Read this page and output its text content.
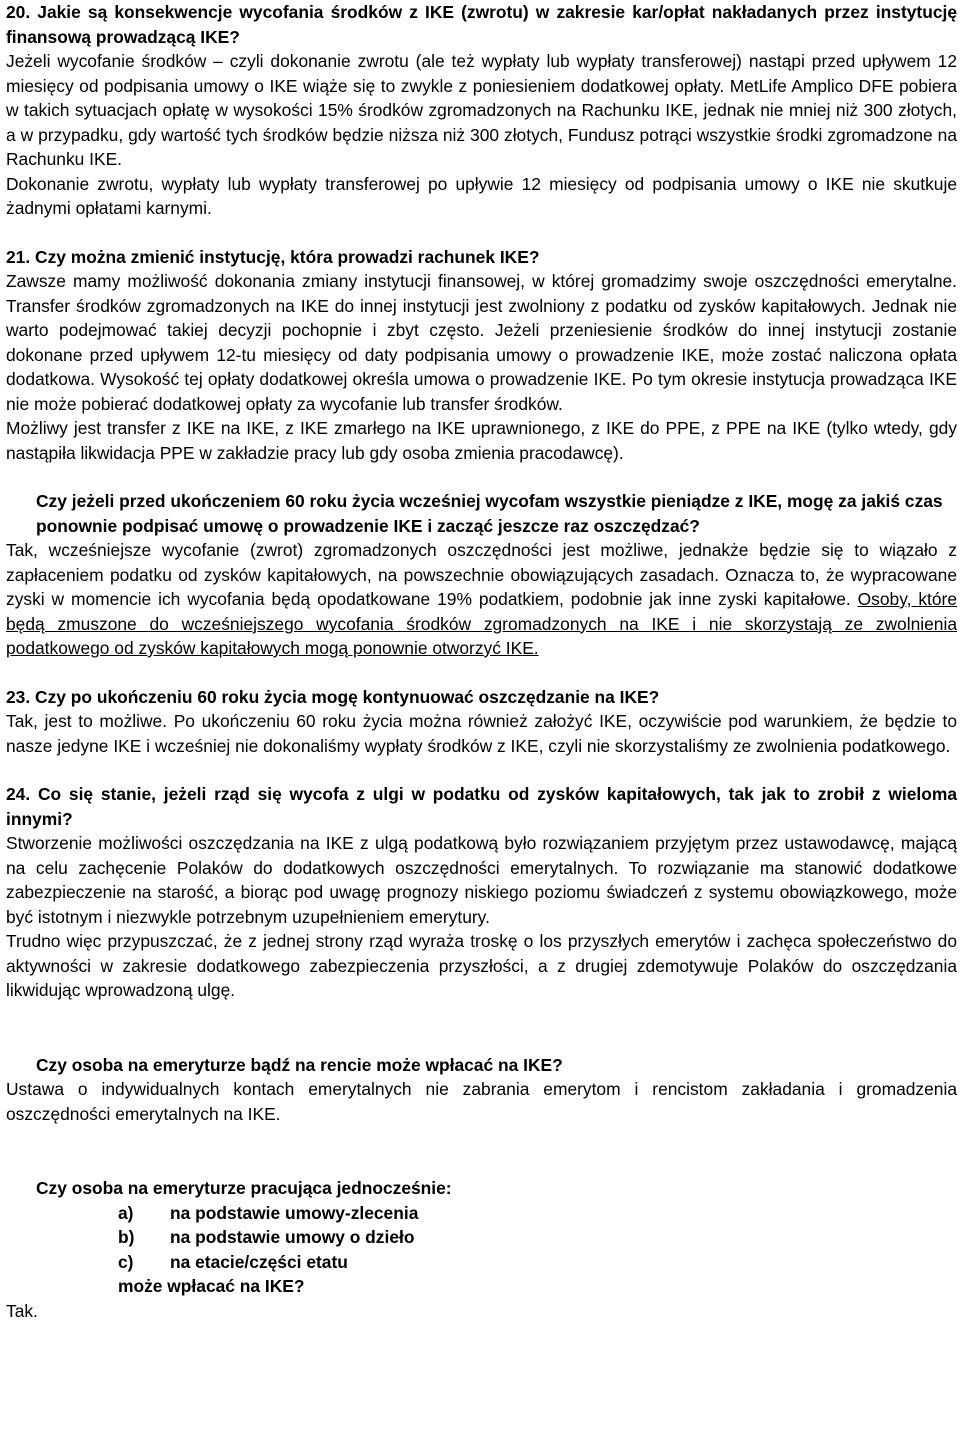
20. Jakie są konsekwencje wycofania środków z IKE (zwrotu) w zakresie kar/opłat nakładanych przez instytucję finansową prowadzącą IKE?

Jeżeli wycofanie środków – czyli dokonanie zwrotu (ale też wypłaty lub wypłaty transferowej) nastąpi przed upływem 12 miesięcy od podpisania umowy o IKE wiąże się to zwykle z poniesieniem dodatkowej opłaty. MetLife Amplico DFE pobiera w takich sytuacjach opłatę w wysokości 15% środków zgromadzonych na Rachunku IKE, jednak nie mniej niż 300 złotych, a w przypadku, gdy wartość tych środków będzie niższa niż 300 złotych, Fundusz potrąci wszystkie środki zgromadzone na Rachunku IKE.

Dokonanie zwrotu, wypłaty lub wypłaty transferowej po upływie 12 miesięcy od podpisania umowy o IKE nie skutkuje żadnymi opłatami karnymi.

21. Czy można zmienić instytucję, która prowadzi rachunek IKE?

Zawsze mamy możliwość dokonania zmiany instytucji finansowej, w której gromadzimy swoje oszczędności emerytalne. Transfer środków zgromadzonych na IKE do innej instytucji jest zwolniony z podatku od zysków kapitałowych. Jednak nie warto podejmować takiej decyzji pochopnie i zbyt często. Jeżeli przeniesienie środków do innej instytucji zostanie dokonane przed upływem 12-tu miesięcy od daty podpisania umowy o prowadzenie IKE, może zostać naliczona opłata dodatkowa. Wysokość tej opłaty dodatkowej określa umowa o prowadzenie IKE. Po tym okresie instytucja prowadząca IKE nie może pobierać dodatkowej opłaty za wycofanie lub transfer środków.

Możliwy jest transfer z IKE na IKE, z IKE zmarłego na IKE uprawnionego, z IKE do PPE, z PPE na IKE (tylko wtedy, gdy nastąpiła likwidacja PPE w zakładzie pracy lub gdy osoba zmienia pracodawcę).

Czy jeżeli przed ukończeniem 60 roku życia wcześniej wycofam wszystkie pieniądze z IKE, mogę za jakiś czas ponownie podpisać umowę o prowadzenie IKE i zacząć jeszcze raz oszczędzać?

Tak, wcześniejsze wycofanie (zwrot) zgromadzonych oszczędności jest możliwe, jednakże będzie się to wiązało z zapłaceniem podatku od zysków kapitałowych, na powszechnie obowiązujących zasadach. Oznacza to, że wypracowane zyski w momencie ich wycofania będą opodatkowane 19% podatkiem, podobnie jak inne zyski kapitałowe. Osoby, które będą zmuszone do wcześniejszego wycofania środków zgromadzonych na IKE i nie skorzystają ze zwolnienia podatkowego od zysków kapitałowych mogą ponownie otworzyć IKE.

23. Czy po ukończeniu 60 roku życia mogę kontynuować oszczędzanie na IKE?

Tak, jest to możliwe. Po ukończeniu 60 roku życia można również założyć IKE, oczywiście pod warunkiem, że będzie to nasze jedyne IKE i wcześniej nie dokonaliśmy wypłaty środków z IKE, czyli nie skorzystaliśmy ze zwolnienia podatkowego.

24. Co się stanie, jeżeli rząd się wycofa z ulgi w podatku od zysków kapitałowych, tak jak to zrobił z wieloma innymi?

Stworzenie możliwości oszczędzania na IKE z ulgą podatkową było rozwiązaniem przyjętym przez ustawodawcę, mającą na celu zachęcenie Polaków do dodatkowych oszczędności emerytalnych. To rozwiązanie ma stanowić dodatkowe zabezpieczenie na starość, a biorąc pod uwagę prognozy niskiego poziomu świadczeń z systemu obowiązkowego, może być istotnym i niezwykle potrzebnym uzupełnieniem emerytury.

Trudno więc przypuszczać, że z jednej strony rząd wyraża troskę o los przyszłych emerytów i zachęca społeczeństwo do aktywności w zakresie dodatkowego zabezpieczenia przyszłości, a z drugiej zdemotywuje Polaków do oszczędzania likwidując wprowadzoną ulgę.

Czy osoba na emeryturze bądź na rencie może wpłacać na IKE?

Ustawa o indywidualnych kontach emerytalnych nie zabrania emerytom i rencistom zakładania i gromadzenia oszczędności emerytalnych na IKE.

Czy osoba na emeryturze pracująca jednocześnie:

a)	na podstawie umowy-zlecenia
b)	na podstawie umowy o dzieło
c)	na etacie/części etatu
może wpłacać na IKE?

Tak.
